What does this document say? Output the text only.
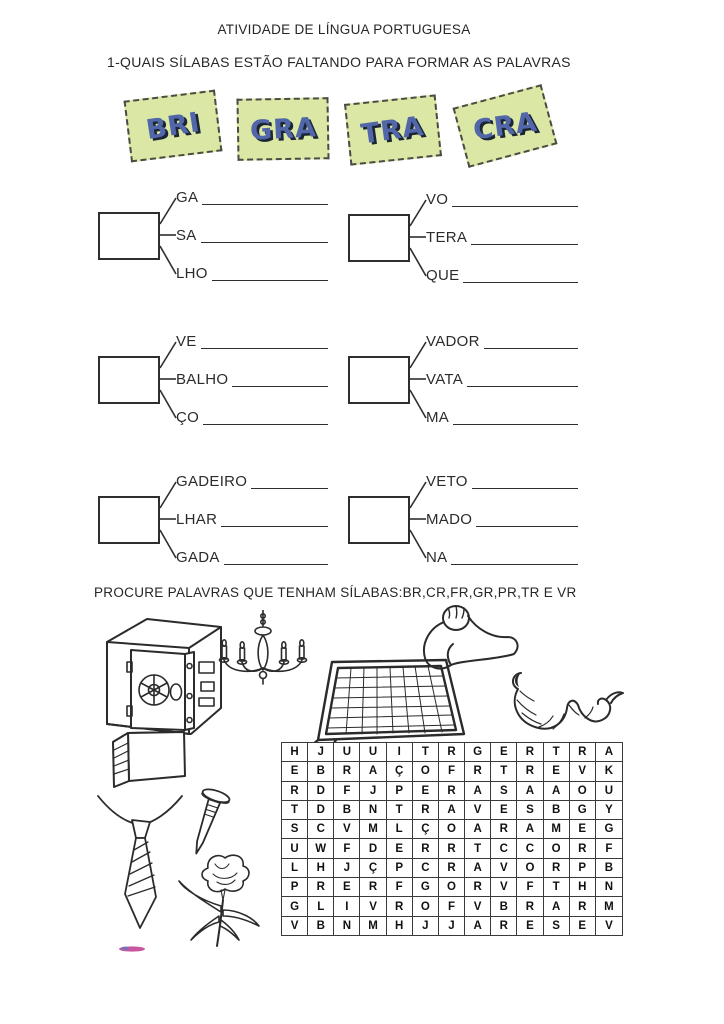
ATIVIDADE DE LÍNGUA PORTUGUESA
1-QUAIS SÍLABAS ESTÃO FALTANDO PARA FORMAR AS PALAVRAS
BRI GRA TRA CRA
GA
SA
LHO
VO
TERA
QUE
VE
BALHO
ÇO
VADOR
VATA
MA
GADEIRO
LHAR
GADA
VETO
MADO
NA
PROCURE PALAVRAS QUE TENHAM SÍLABAS:BR,CR,FR,GR,PR,TR E VR
H	J	U	U	I	T	R	G	E	R	T	R	A
E	B	R	A	Ç	O	F	R	T	R	E	V	K
R	D	F	J	P	E	R	A	S	A	A	O	U
T	D	B	N	T	R	A	V	E	S	B	G	Y
S	C	V	M	L	Ç	O	A	R	A	M	E	G
U	W	F	D	E	R	R	T	C	C	O	R	F
L	H	J	Ç	P	C	R	A	V	O	R	P	B
P	R	E	R	F	G	O	R	V	F	T	H	N
G	L	I	V	R	O	F	V	B	R	A	R	M
V	B	N	M	H	J	J	A	R	E	S	E	V
